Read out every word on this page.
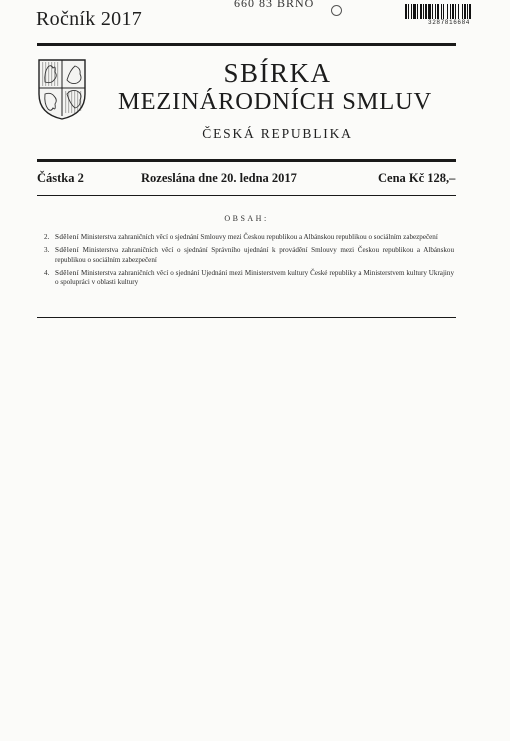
Ročník 2017
660 83 BRNO
3287816684
SBÍRKA
MEZINÁRODNÍCH SMLUV
ČESKÁ REPUBLIKA
Částka 2	Rozeslána dne 20. ledna 2017	Cena Kč 128,–
OBSAH:
2. Sdělení Ministerstva zahraničních věcí o sjednání Smlouvy mezi Českou republikou a Albánskou republikou o sociálním zabezpečení
3. Sdělení Ministerstva zahraničních věcí o sjednání Správního ujednání k provádění Smlouvy mezi Českou republikou a Albánskou republikou o sociálním zabezpečení
4. Sdělení Ministerstva zahraničních věcí o sjednání Ujednání mezi Ministerstvem kultury České republiky a Ministerstvem kultury Ukrajiny o spolupráci v oblasti kultury
